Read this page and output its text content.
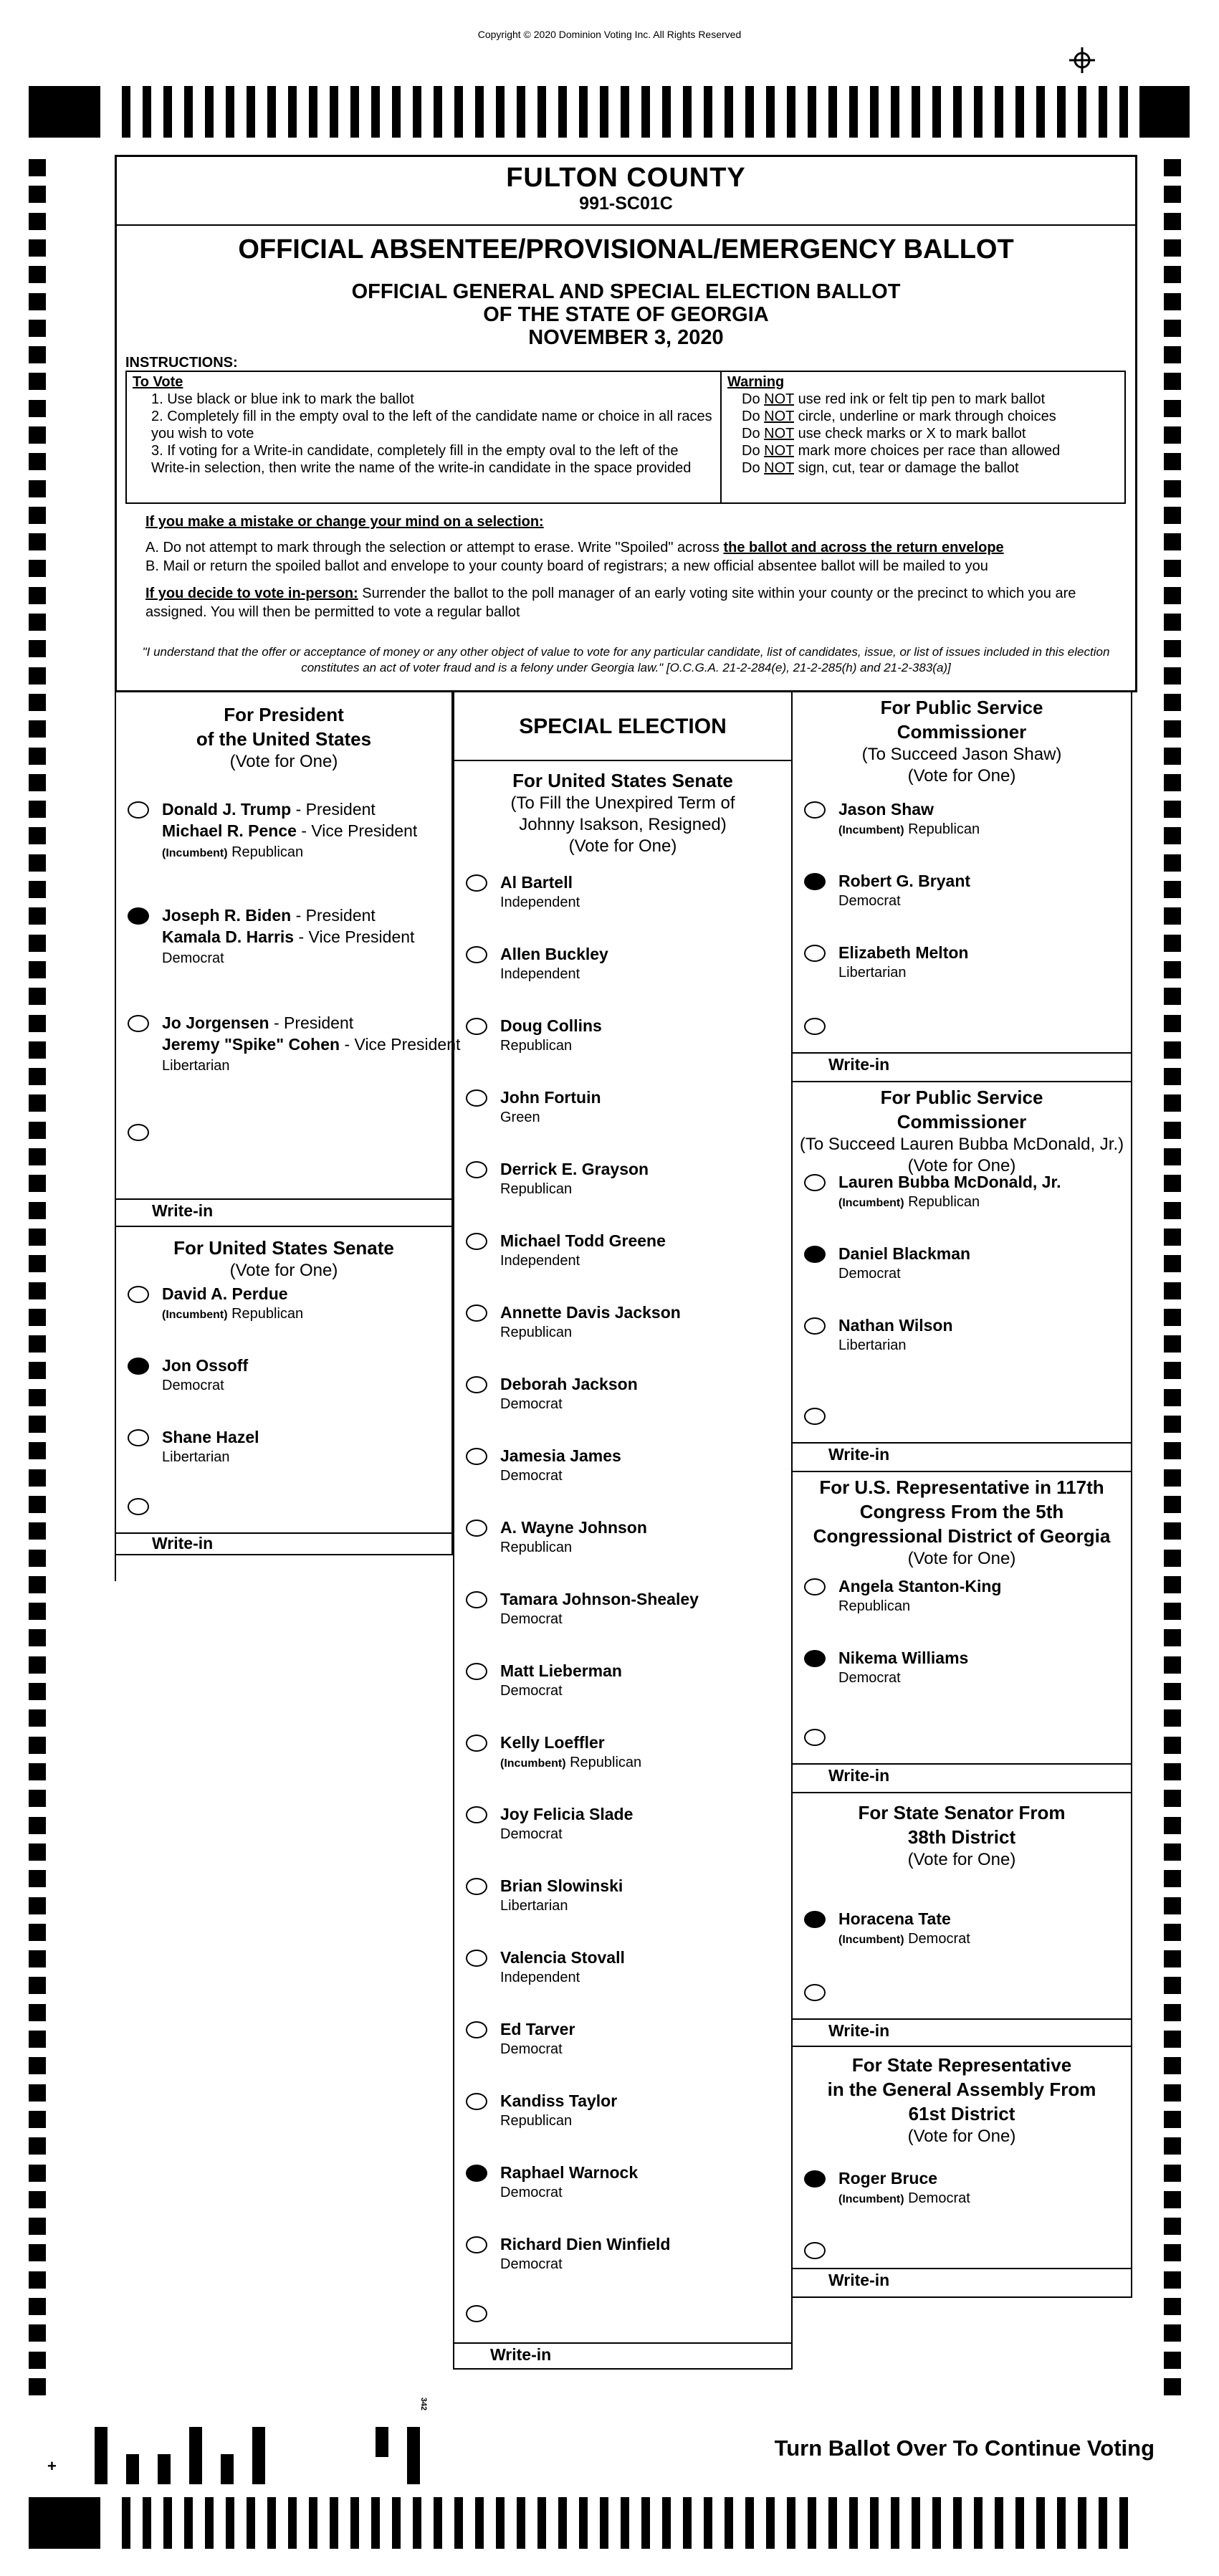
Copyright © 2020 Dominion Voting Inc. All Rights Reserved
FULTON COUNTY
991-SC01C
OFFICIAL ABSENTEE/PROVISIONAL/EMERGENCY BALLOT
OFFICIAL GENERAL AND SPECIAL ELECTION BALLOT
OF THE STATE OF GEORGIA
NOVEMBER 3, 2020
INSTRUCTIONS:
To Vote
1. Use black or blue ink to mark the ballot
2. Completely fill in the empty oval to the left of the candidate name or choice in all races you wish to vote
3. If voting for a Write-in candidate, completely fill in the empty oval to the left of the Write-in selection, then write the name of the write-in candidate in the space provided
Warning
Do NOT use red ink or felt tip pen to mark ballot
Do NOT circle, underline or mark through choices
Do NOT use check marks or X to mark ballot
Do NOT mark more choices per race than allowed
Do NOT sign, cut, tear or damage the ballot
If you make a mistake or change your mind on a selection:
A. Do not attempt to mark through the selection or attempt to erase. Write "Spoiled" across the ballot and across the return envelope
B. Mail or return the spoiled ballot and envelope to your county board of registrars; a new official absentee ballot will be mailed to you
If you decide to vote in-person: Surrender the ballot to the poll manager of an early voting site within your county or the precinct to which you are assigned. You will then be permitted to vote a regular ballot
"I understand that the offer or acceptance of money or any other object of value to vote for any particular candidate, list of candidates, issue, or list of issues included in this election constitutes an act of voter fraud and is a felony under Georgia law." [O.C.G.A. 21-2-284(e), 21-2-285(h) and 21-2-383(a)]
For President
of the United States
(Vote for One)
Donald J. Trump - President
Michael R. Pence - Vice President
(Incumbent) Republican
Joseph R. Biden - President
Kamala D. Harris - Vice President
Democrat
Jo Jorgensen - President
Jeremy "Spike" Cohen - Vice President
Libertarian
Write-in
For United States Senate
(Vote for One)
Write-in
David A. Perdue
(Incumbent) Republican
Jon Ossoff
Democrat
Shane Hazel
Libertarian
SPECIAL ELECTION
For United States Senate
(To Fill the Unexpired Term of
Johnny Isakson, Resigned)
(Vote for One)
Write-in
Al Bartell
Independent
Allen Buckley
Independent
Doug Collins
Republican
John Fortuin
Green
Derrick E. Grayson
Republican
Michael Todd Greene
Independent
Annette Davis Jackson
Republican
Deborah Jackson
Democrat
Jamesia James
Democrat
A. Wayne Johnson
Republican
Tamara Johnson-Shealey
Democrat
Matt Lieberman
Democrat
Kelly Loeffler
(Incumbent) Republican
Joy Felicia Slade
Democrat
Brian Slowinski
Libertarian
Valencia Stovall
Independent
Ed Tarver
Democrat
Kandiss Taylor
Republican
Raphael Warnock
Democrat
Richard Dien Winfield
Democrat
For Public Service
Commissioner
(To Succeed Jason Shaw)
(Vote for One)
Write-in
Jason Shaw
(Incumbent) Republican
Robert G. Bryant
Democrat
Elizabeth Melton
Libertarian
For Public Service
Commissioner
(To Succeed Lauren Bubba McDonald, Jr.)
(Vote for One)
Write-in
Lauren Bubba McDonald, Jr.
(Incumbent) Republican
Daniel Blackman
Democrat
Nathan Wilson
Libertarian
For U.S. Representative in 117th
Congress From the 5th
Congressional District of Georgia
(Vote for One)
Write-in
Angela Stanton-King
Republican
Nikema Williams
Democrat
For State Senator From
38th District
(Vote for One)
Write-in
Horacena Tate
(Incumbent) Democrat
For State Representative
in the General Assembly From
61st District
(Vote for One)
Write-in
Roger Bruce
(Incumbent) Democrat
342
+
Turn Ballot Over To Continue Voting
